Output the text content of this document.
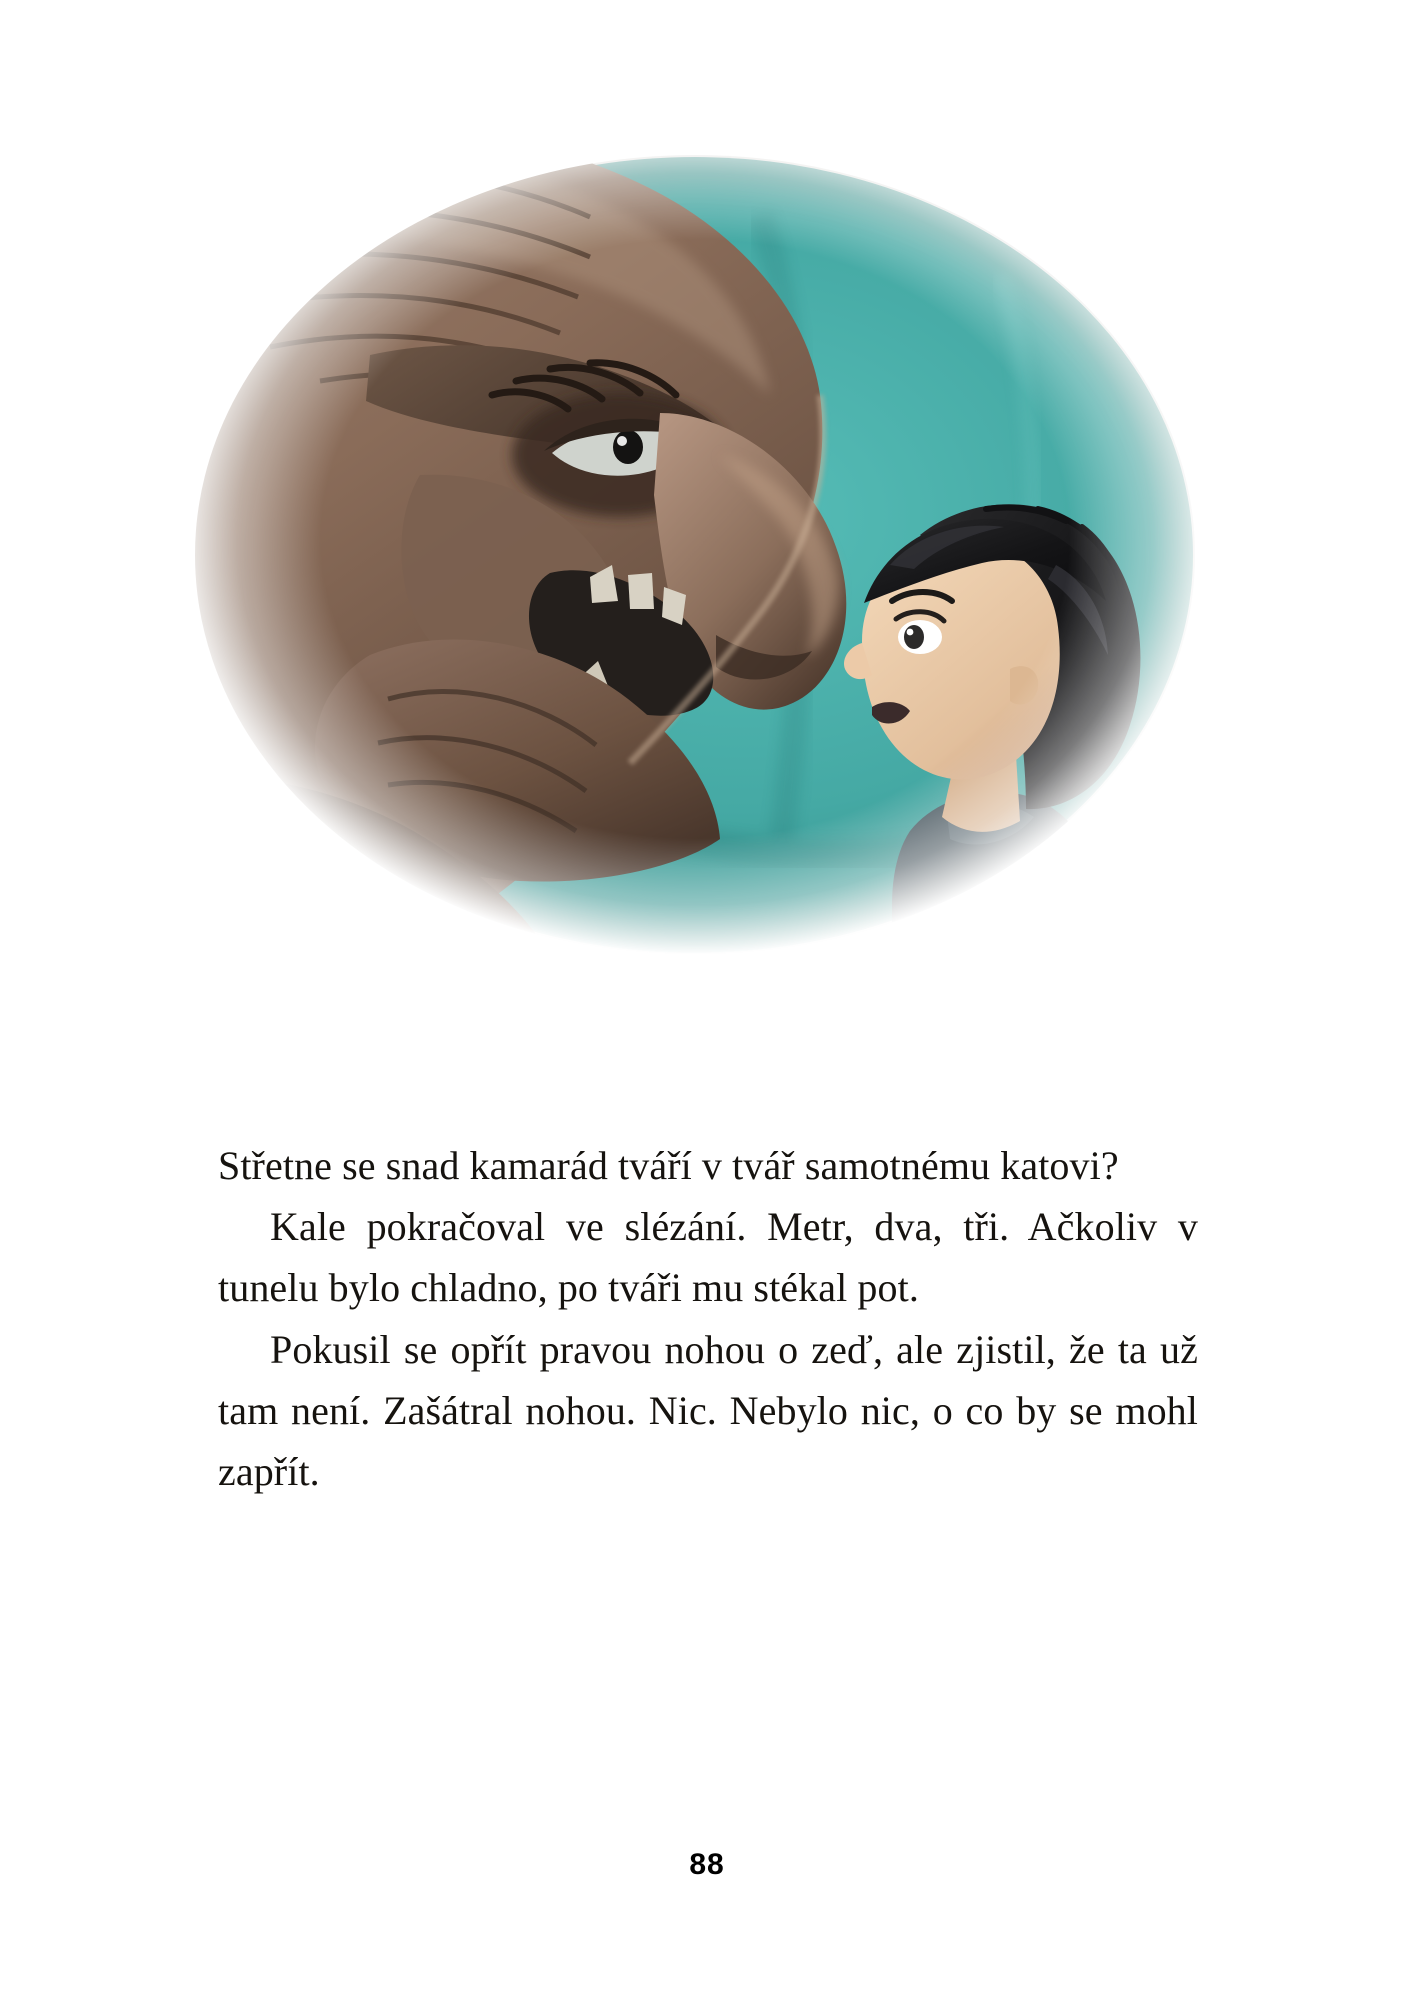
Střetne se snad kamarád tváří v tvář samotnému katovi?

Kale pokračoval ve slézání. Metr, dva, tři. Ačkoliv v tunelu bylo chladno, po tváři mu stékal pot.

Pokusil se opřít pravou nohou o zeď, ale zjistil, že ta už tam není. Zašátral nohou. Nic. Nebylo nic, o co by se mohl zapřít.

88
